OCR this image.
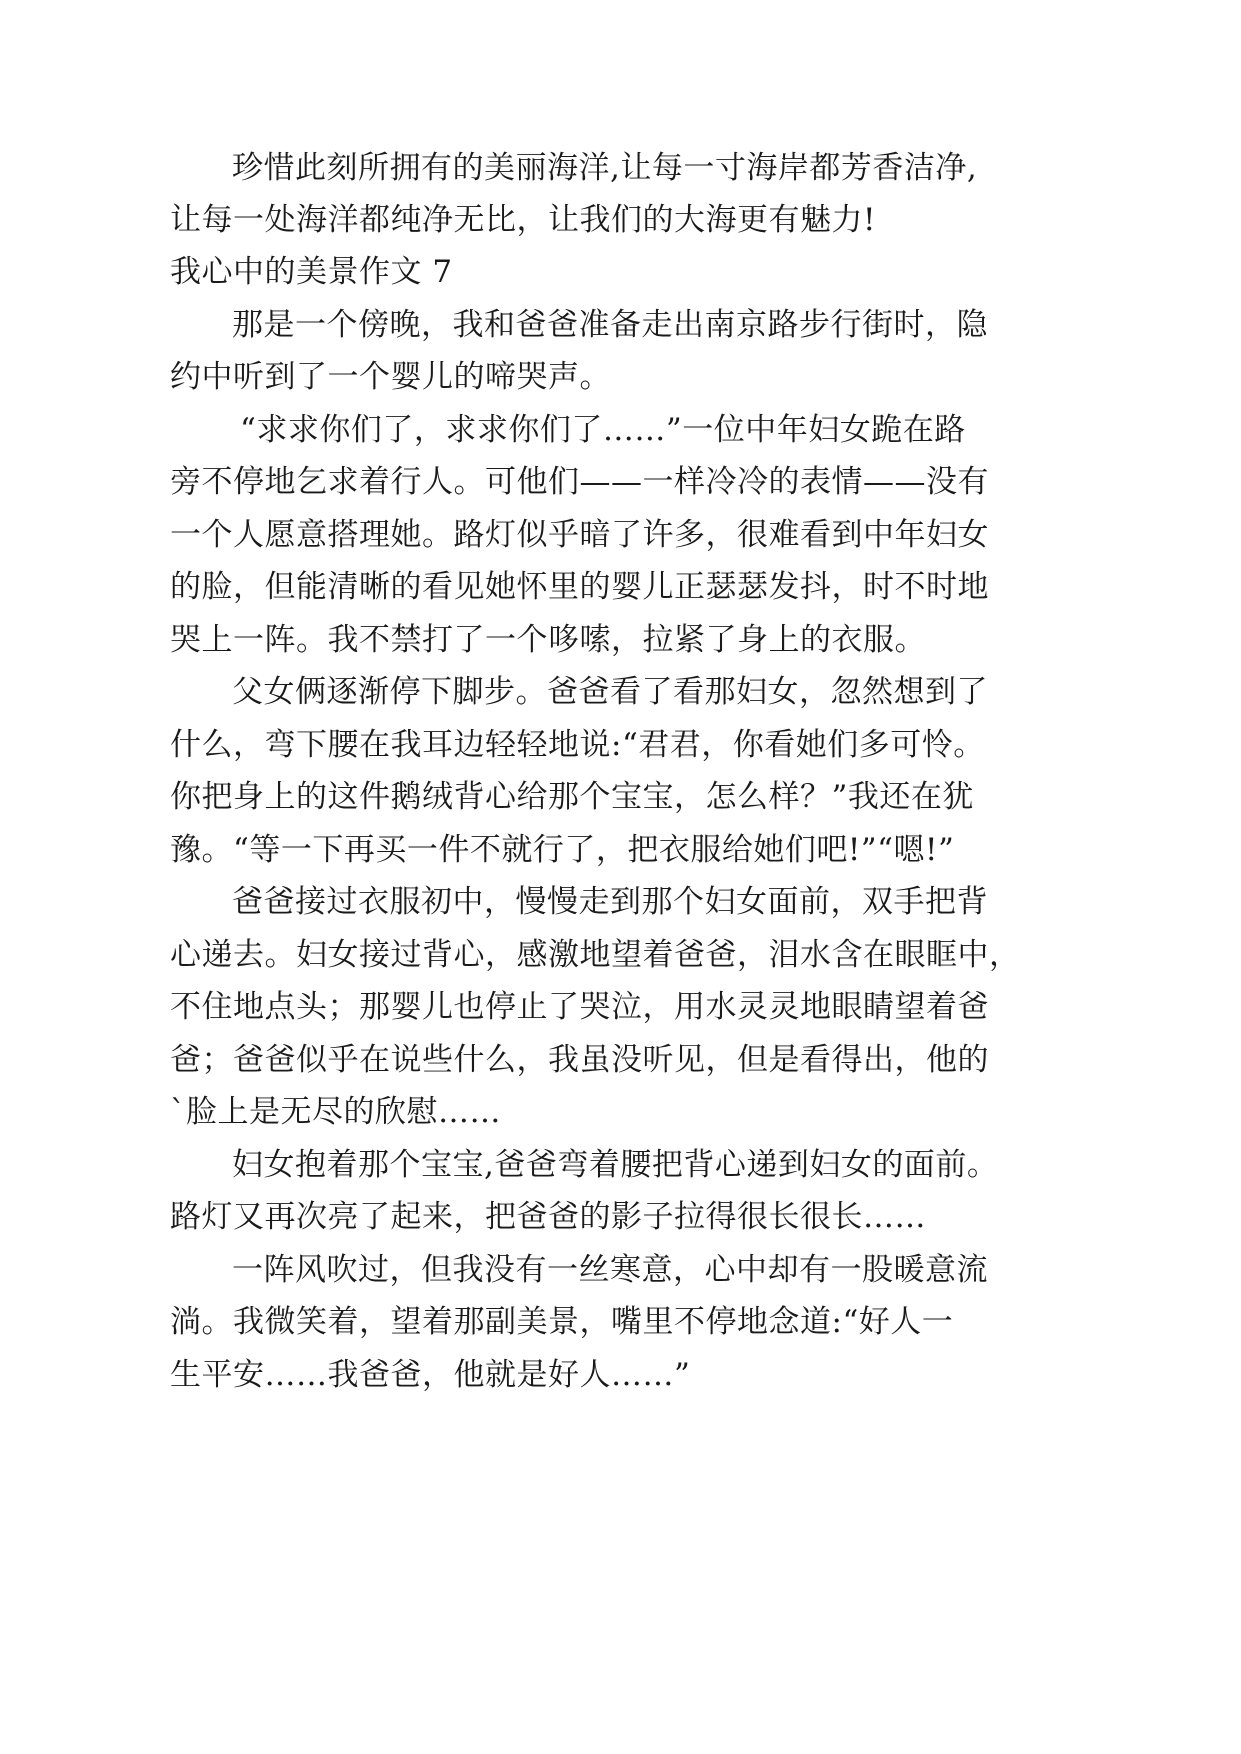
珍惜此刻所拥有的美丽海洋,让每一寸海岸都芳香洁净,
让每一处海洋都纯净无比，让我们的大海更有魅力!
我心中的美景作文 7
那是一个傍晚，我和爸爸准备走出南京路步行街时，隐
约中听到了一个婴儿的啼哭声。
“求求你们了，求求你们了……”一位中年妇女跪在路
旁不停地乞求着行人。可他们——一样冷冷的表情——没有
一个人愿意搭理她。路灯似乎暗了许多，很难看到中年妇女
的脸，但能清晰的看见她怀里的婴儿正瑟瑟发抖，时不时地
哭上一阵。我不禁打了一个哆嗦，拉紧了身上的衣服。
父女俩逐渐停下脚步。爸爸看了看那妇女，忽然想到了
什么，弯下腰在我耳边轻轻地说:“君君，你看她们多可怜。
你把身上的这件鹅绒背心给那个宝宝，怎么样？”我还在犹
豫。“等一下再买一件不就行了，把衣服给她们吧!”“嗯!”
爸爸接过衣服初中，慢慢走到那个妇女面前，双手把背
心递去。妇女接过背心，感激地望着爸爸，泪水含在眼眶中，
不住地点头；那婴儿也停止了哭泣，用水灵灵地眼睛望着爸
爸；爸爸似乎在说些什么，我虽没听见，但是看得出，他的
`脸上是无尽的欣慰……
妇女抱着那个宝宝,爸爸弯着腰把背心递到妇女的面前。
路灯又再次亮了起来，把爸爸的影子拉得很长很长……
一阵风吹过，但我没有一丝寒意，心中却有一股暖意流
淌。我微笑着，望着那副美景，嘴里不停地念道:“好人一
生平安……我爸爸，他就是好人……”
